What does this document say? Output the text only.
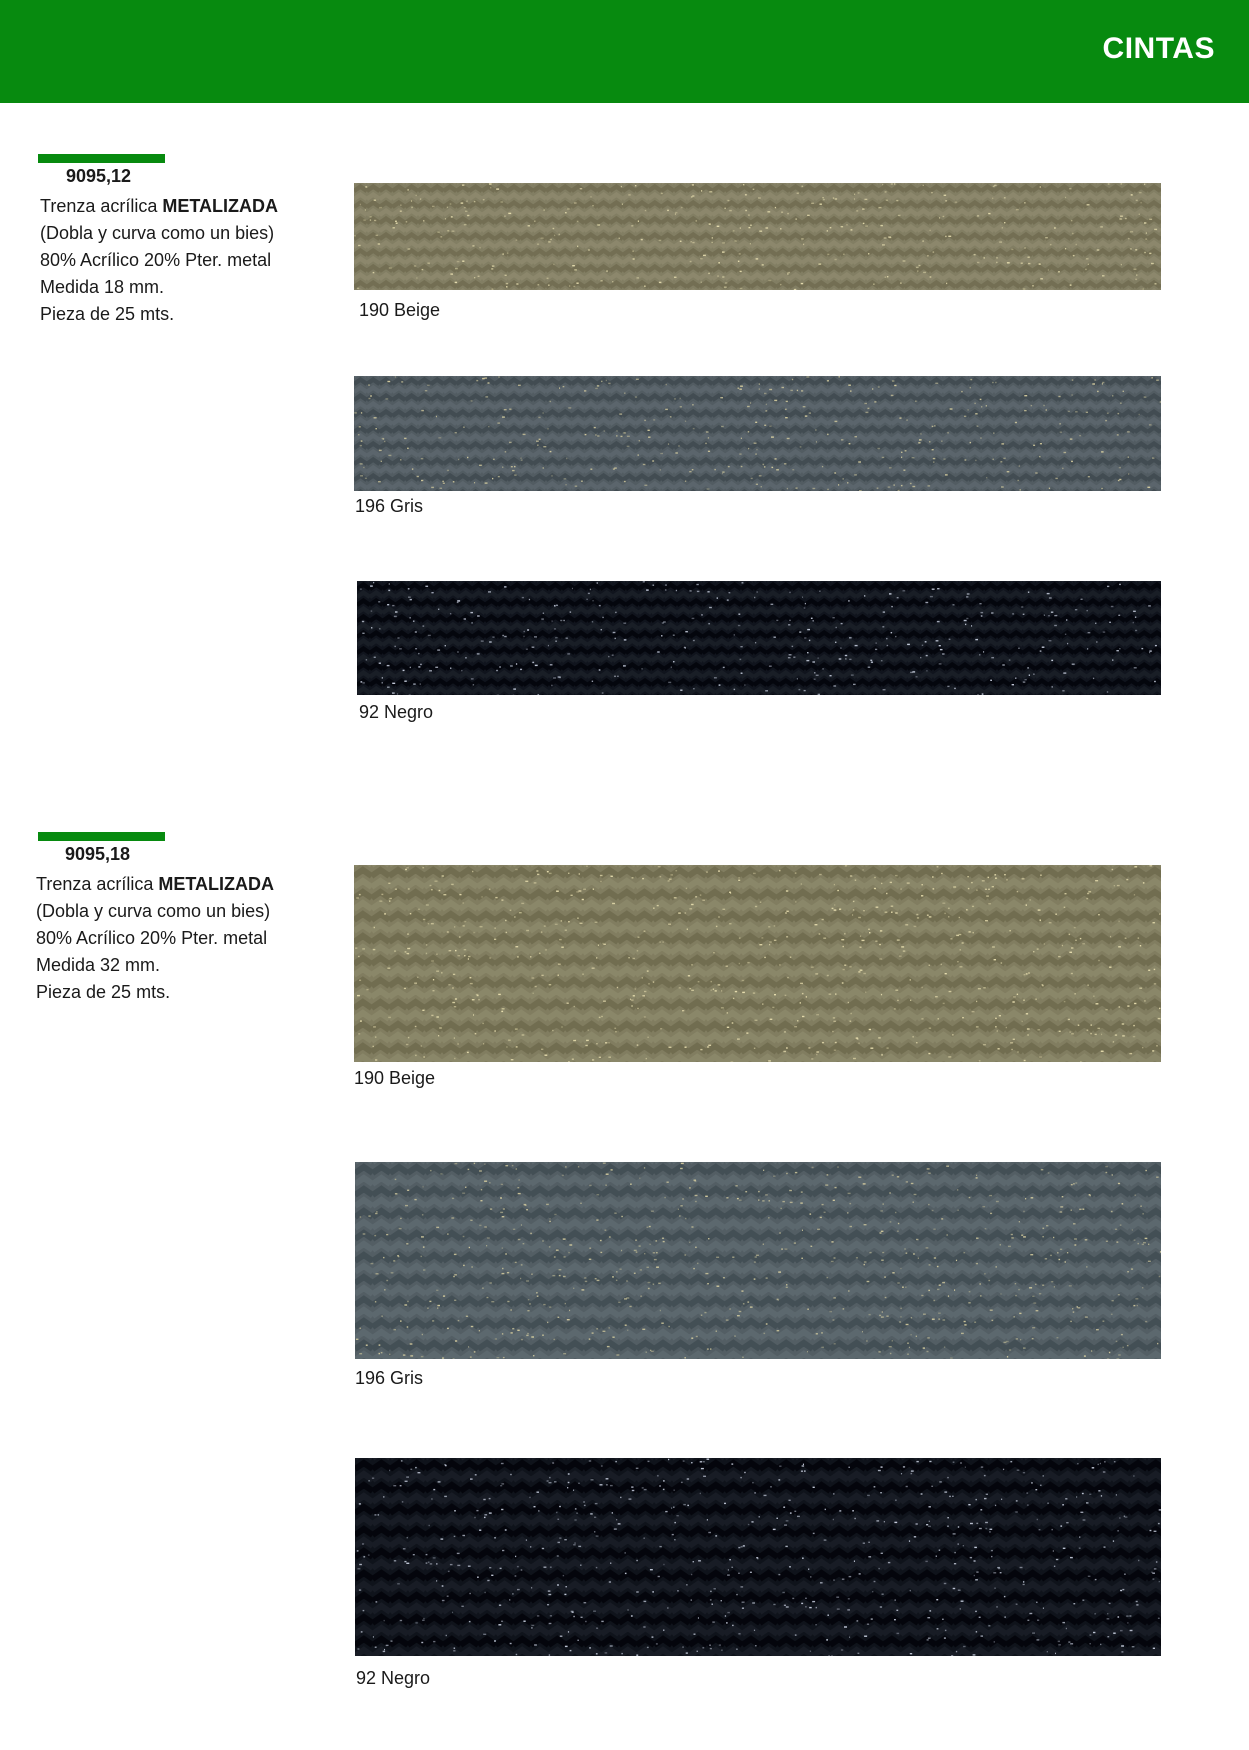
CINTAS
9095,12
Trenza acrílica METALIZADA
(Dobla y curva como un bies)
80% Acrílico 20% Pter. metal
Medida 18 mm.
Pieza de 25 mts.	190 Beige
196 Gris
92 Negro
9095,18
Trenza acrílica METALIZADA
(Dobla y curva como un bies)
80% Acrílico 20% Pter. metal
Medida 32 mm.
Pieza de 25 mts.
190 Beige
196 Gris
92 Negro
